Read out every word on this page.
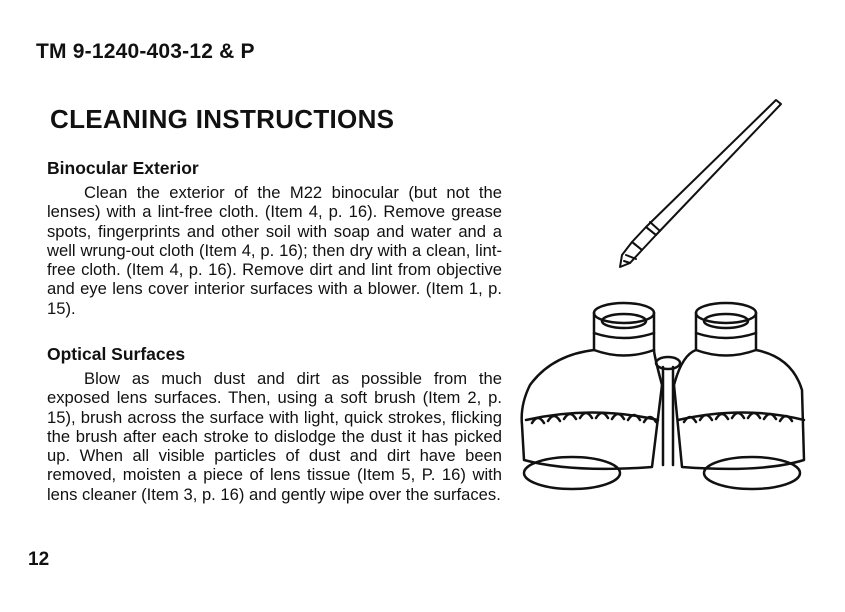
TM 9-1240-403-12 & P
CLEANING INSTRUCTIONS

Binocular Exterior

Clean the exterior of the M22 binocular (but not the lenses) with a lint-free cloth. (Item 4, p. 16). Remove grease spots, fingerprints and other soil with soap and water and a well wrung-out cloth (Item 4, p. 16); then dry with a clean, lint-free cloth. (Item 4, p. 16). Remove dirt and lint from objective and eye lens cover interior surfaces with a blower. (Item 1, p. 15).

Optical Surfaces

Blow as much dust and dirt as possible from the exposed lens surfaces. Then, using a soft brush (Item 2, p. 15), brush across the surface with light, quick strokes, flicking the brush after each stroke to dislodge the dust it has picked up. When all visible particles of dust and dirt have been removed, moisten a piece of lens tissue (Item 5, P. 16) with lens cleaner (Item 3, p. 16) and gently wipe over the surfaces.

12
